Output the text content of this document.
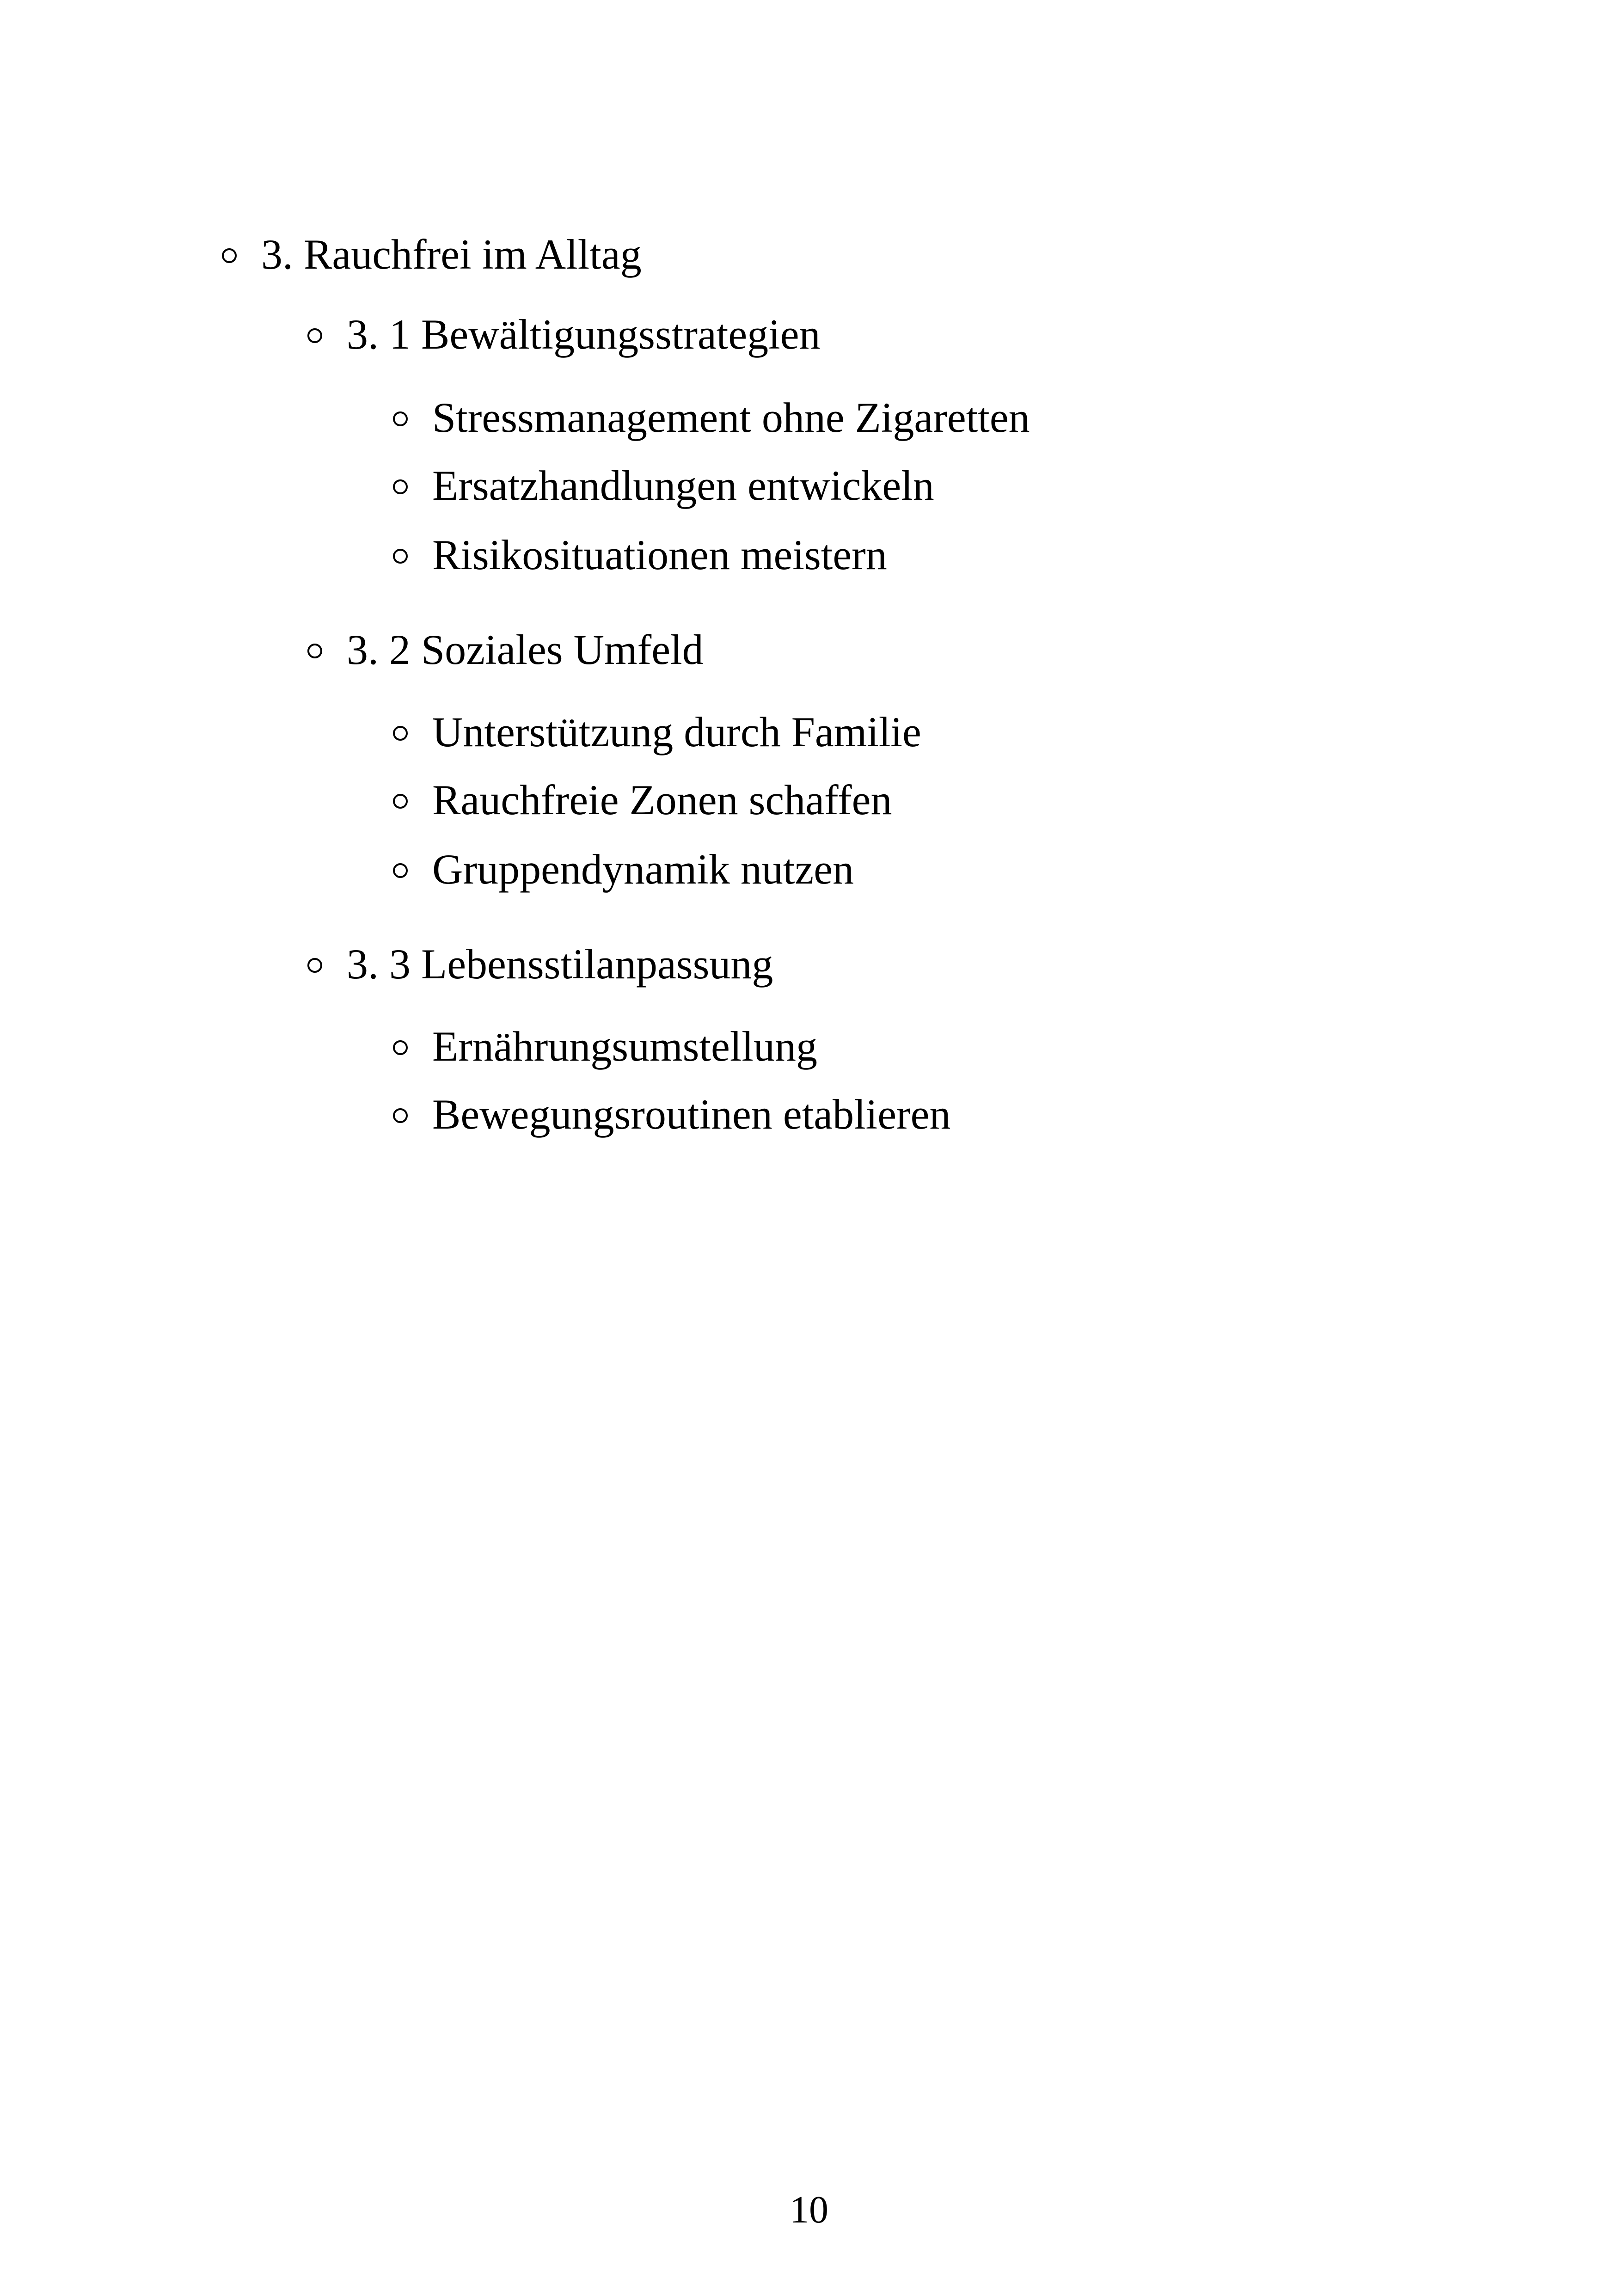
3. Rauchfrei im Alltag
3. 1 Bewältigungsstrategien
Stressmanagement ohne Zigaretten
Ersatzhandlungen entwickeln
Risikosituationen meistern
3. 2 Soziales Umfeld
Unterstützung durch Familie
Rauchfreie Zonen schaffen
Gruppendynamik nutzen
3. 3 Lebensstilanpassung
Ernährungsumstellung
Bewegungsroutinen etablieren
10
